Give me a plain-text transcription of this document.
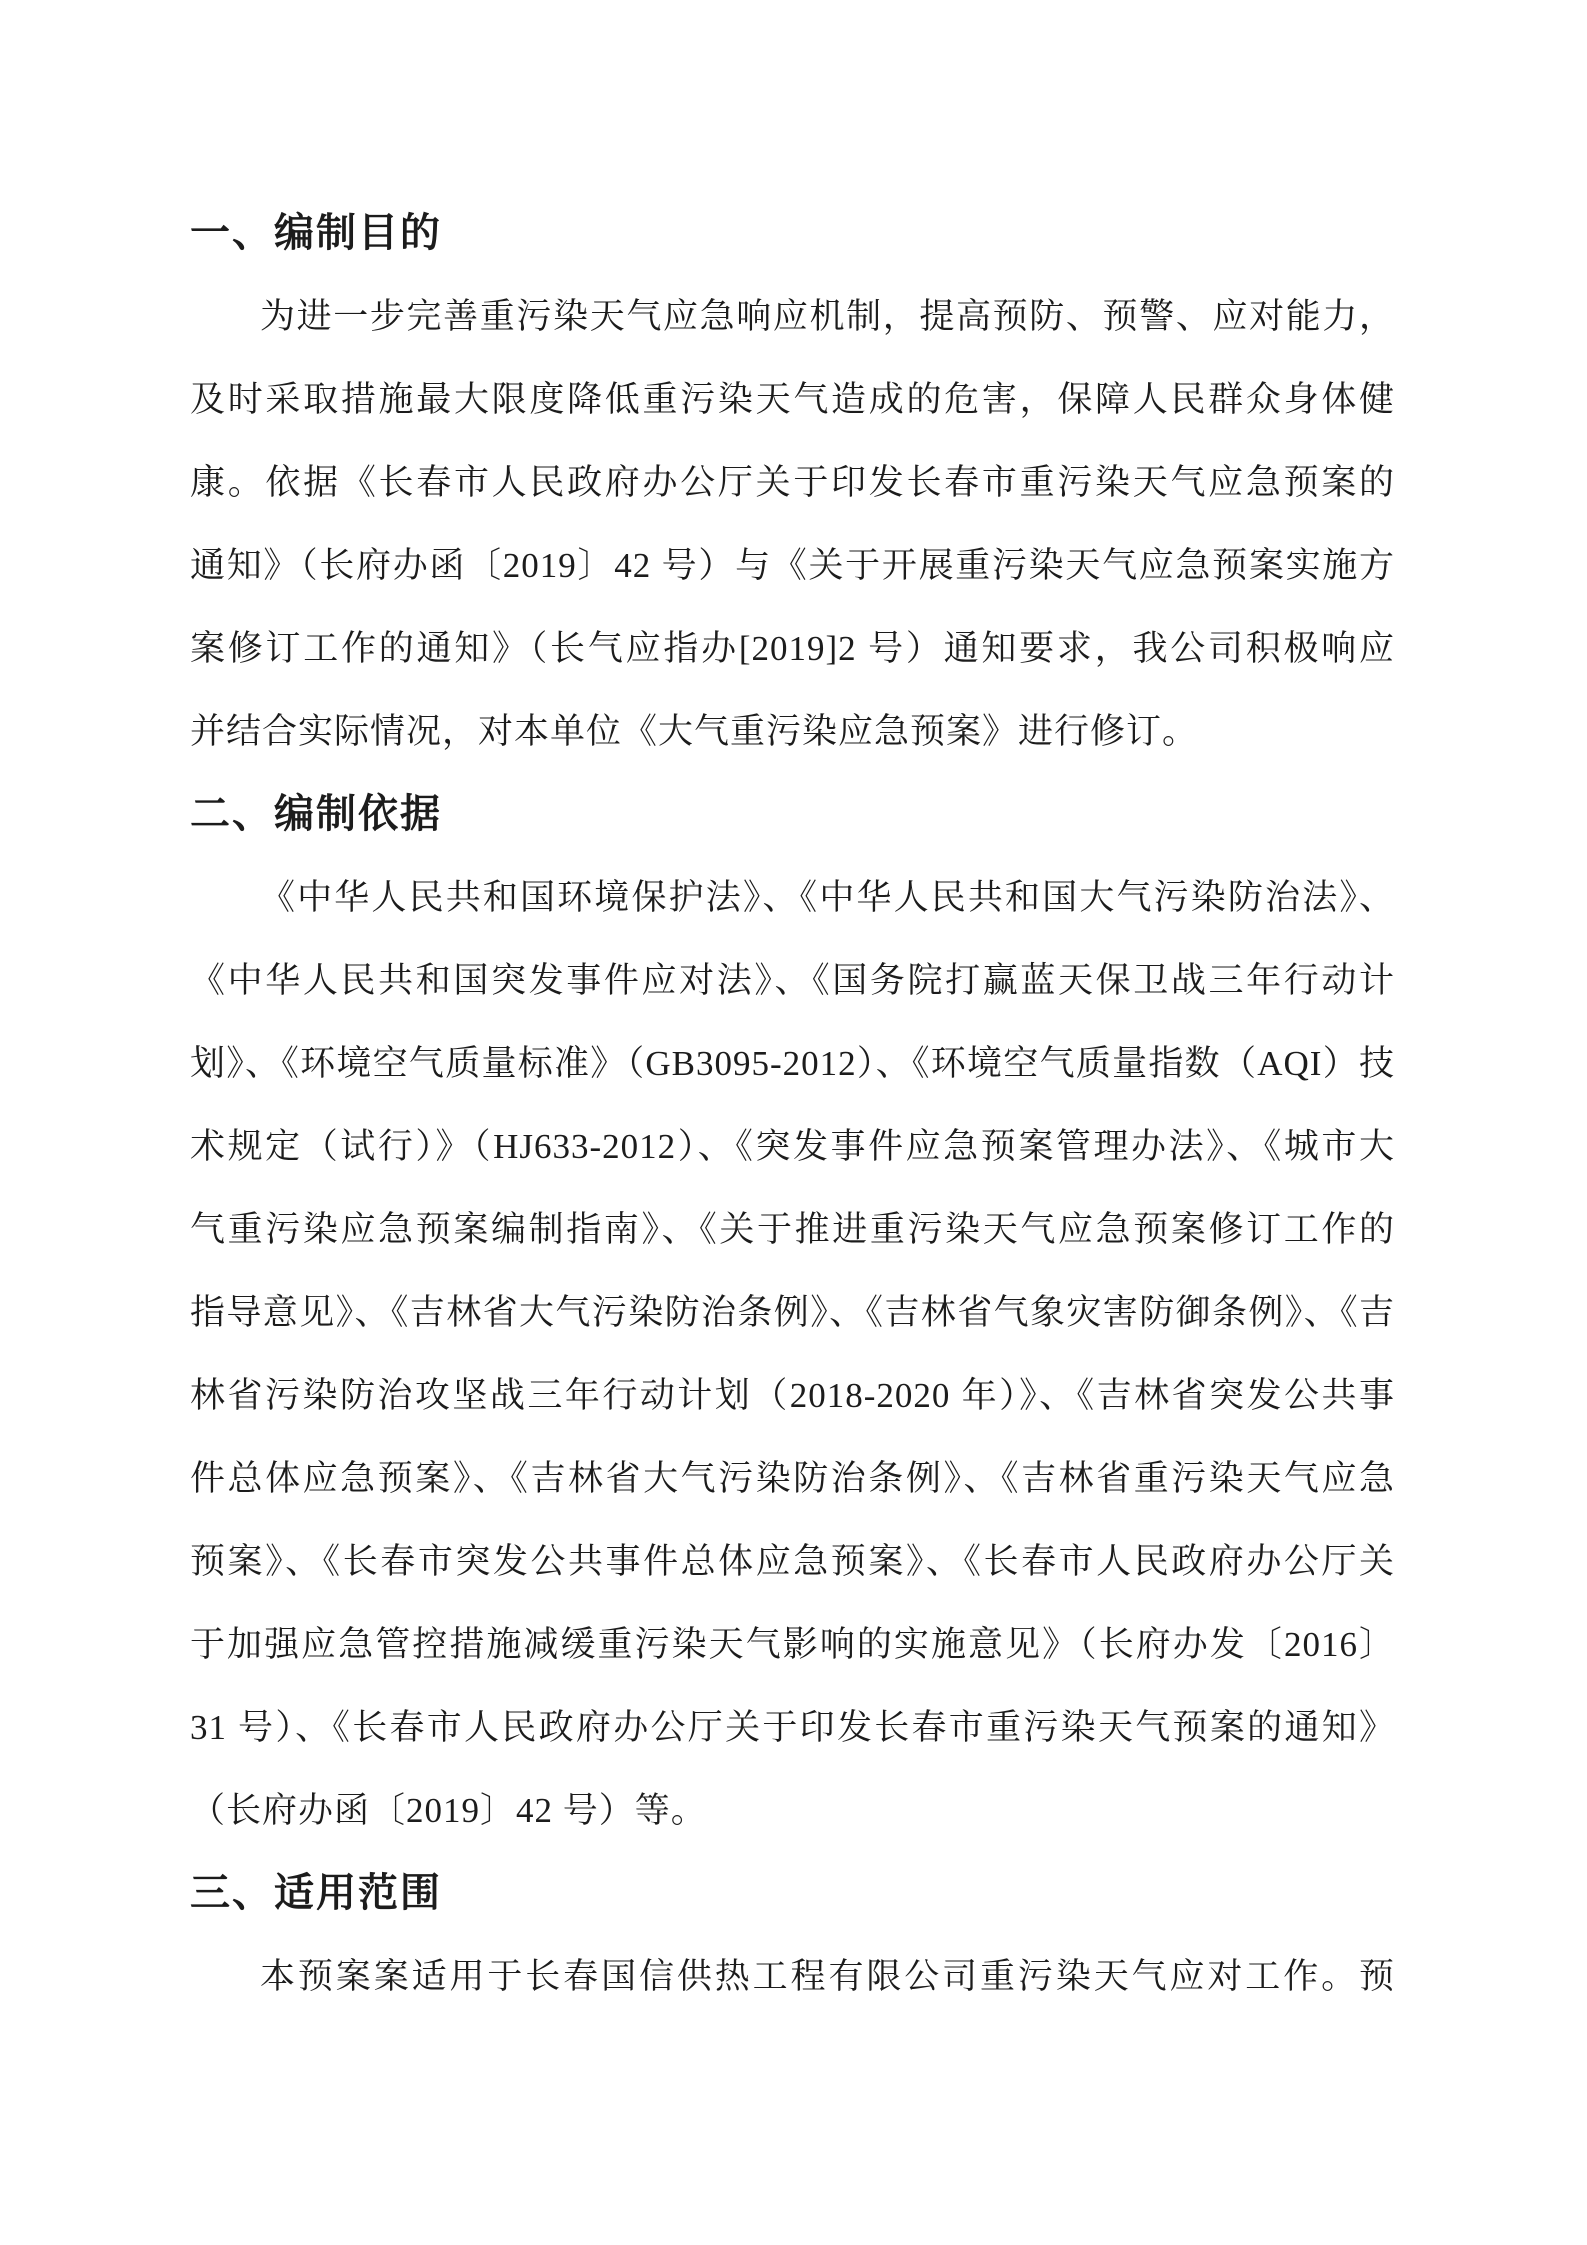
一、编制目的
为进一步完善重污染天气应急响应机制，提高预防、预警、应对能力，
及时采取措施最大限度降低重污染天气造成的危害，保障人民群众身体健
康。依据《长春市人民政府办公厅关于印发长春市重污染天气应急预案的
通知》（长府办函〔2019〕42 号）与《关于开展重污染天气应急预案实施方
案修订工作的通知》（长气应指办[2019]2 号）通知要求，我公司积极响应
并结合实际情况，对本单位《大气重污染应急预案》进行修订。
二、编制依据
《中华人民共和国环境保护法》、《中华人民共和国大气污染防治法》、
《中华人民共和国突发事件应对法》、《国务院打赢蓝天保卫战三年行动计
划》、《环境空气质量标准》（GB3095-2012）、《环境空气质量指数（AQI）技
术规定（试行）》（HJ633-2012）、《突发事件应急预案管理办法》、《城市大
气重污染应急预案编制指南》、《关于推进重污染天气应急预案修订工作的
指导意见》、《吉林省大气污染防治条例》、《吉林省气象灾害防御条例》、《吉
林省污染防治攻坚战三年行动计划（2018-2020 年）》、《吉林省突发公共事
件总体应急预案》、《吉林省大气污染防治条例》、《吉林省重污染天气应急
预案》、《长春市突发公共事件总体应急预案》、《长春市人民政府办公厅关
于加强应急管控措施减缓重污染天气影响的实施意见》（长府办发〔2016〕
31 号）、《长春市人民政府办公厅关于印发长春市重污染天气预案的通知》
（长府办函〔2019〕42 号）等。
三、适用范围
本预案案适用于长春国信供热工程有限公司重污染天气应对工作。预
